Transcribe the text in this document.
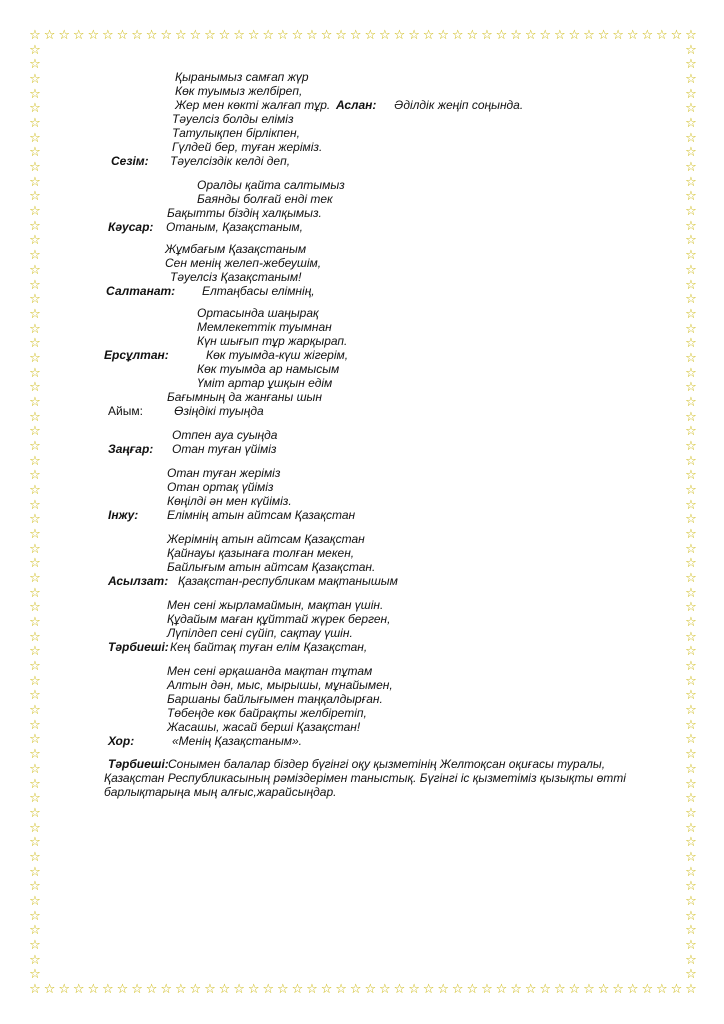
☆
☆
☆
☆
☆
☆
☆
☆
☆
☆
☆
☆
☆
☆
☆
☆
☆
☆
☆
☆
☆
☆
☆
☆
☆
☆
☆
☆
☆
☆
☆
☆
☆
☆
☆
☆
☆
☆
☆
☆
☆
☆
☆
☆
☆
☆
☆
☆
☆
☆
☆
☆
☆
☆
☆
☆
☆
☆
☆
☆
☆
☆
☆
☆
☆
☆
☆
☆
☆
☆
☆
☆
☆
☆
☆
☆
☆
☆
☆
☆
☆
☆
☆
☆
☆
☆
☆
☆
☆
☆
☆
☆
☆	☆
☆	☆
☆	☆
☆	☆
☆	☆
☆	☆
☆	☆
☆	☆
☆	☆
☆	☆
☆	☆
☆	☆
☆	☆
☆	☆
☆	☆
☆	☆
☆	☆
☆	☆
☆	☆
☆	☆
☆	☆
☆	☆
☆	☆
☆	☆
☆	☆
☆	☆
☆	☆
☆	☆
☆	☆
☆	☆
☆	☆
☆	☆
☆	☆
☆	☆
☆	☆
☆	☆
☆	☆
☆	☆
☆	☆
☆	☆
☆	☆
☆	☆
☆	☆
☆	☆
☆	☆
☆	☆
☆	☆
☆	☆
☆	☆
☆	☆
☆	☆
☆	☆
☆	☆
☆	☆
☆	☆
☆	☆
☆	☆
☆	☆
☆	☆
☆	☆
☆	☆
☆	☆
☆	☆
☆	☆
Қыранымыз самғап жүр
Көк туымыз желбіреп,
Жер мен көкті жалғап тұр. Аслан: Әділдік жеңіп соңында.
Тәуелсіз болды еліміз
Татулықпен бірлікпен,
Гүлдей бер, туған жеріміз.
Сезім: Тәуелсіздік келді деп,
Оралды қайта салтымыз
Баянды болғай енді тек
Бақытты біздің халқымыз.
Кәусар: Отаным, Қазақстаным,
Жұмбағым Қазақстаным
Сен менің желеп-жебеушім,
Тәуелсіз Қазақстаным!
Салтанат: Елтаңбасы елімнің,
Ортасында шаңырақ
Мемлекеттік туымнан
Күн шығып тұр жарқырап.
Ерсұлтан:	Көк туымда-күш жігерім,
Көк туымда ар намысым
Үміт артар ұшқын едім
Бағымның да жанғаны шын
Айым:	Өзіңдікі туыңда
Отпен ауа суыңда
Заңғар: Отан туған үйіміз
Отан туған жеріміз
Отан ортақ үйіміз
Көңілді ән мен күйіміз.
Інжу: Елімнің атын айтсам Қазақстан
Жерімнің атын айтсам Қазақстан
Қайнауы қазынаға толған мекен,
Байлығым атын айтсам Қазақстан.
Асылзат: Қазақстан-республикам мақтанышым
Мен сені жырламаймын, мақтан үшін.
Құдайым маған құйттай жүрек берген,
Лүпілдеп сені сүйіп, сақтау үшін.
Тәрбиеші: Кең байтақ туған елім Қазақстан,
Мен сені әрқашанда мақтан тұтам
Алтын дән, мыс, мырышы, мұнайымен,
Баршаны байлығымен таңқалдырған.
Төбеңде көк байрақты желбіретіп,
Жасашы, жасай берші Қазақстан!
Хор:	«Менің Қазақстаным».
Тәрбиеші: Сонымен балалар біздер бүгінгі оқу қызметінің Желтоқсан оқиғасы туралы,
Қазақстан Республикасының рәміздерімен таныстық. Бүгінгі іс қызметіміз қызықты өтті
барлықтарыңа мың алғыс,жарайсыңдар.
